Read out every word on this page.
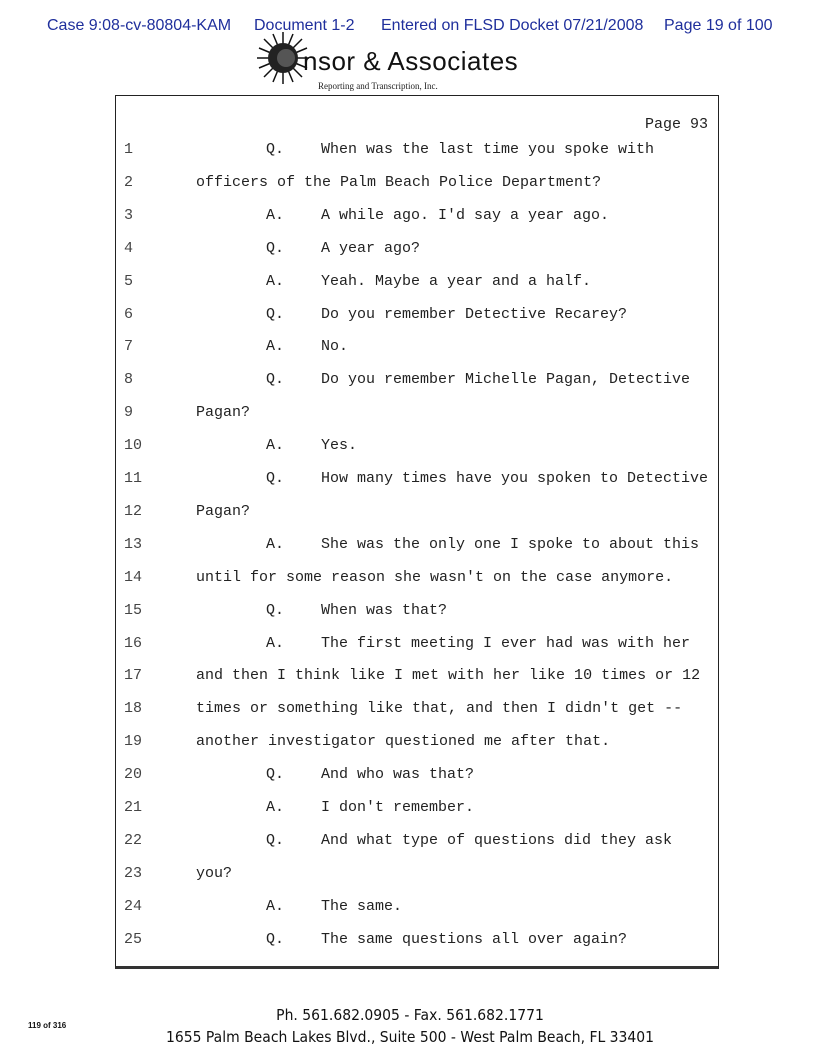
Case 9:08-cv-80804-KAM Document 1-2 Entered on FLSD Docket 07/21/2008 Page 19 of 100
nsor & Associates
Reporting and Transcription, Inc.
Page 93
1	Q. When was the last time you spoke with
2	officers of the Palm Beach Police Department?
3	A. A while ago. I'd say a year ago.
4	Q. A year ago?
5	A. Yeah. Maybe a year and a half.
6	Q. Do you remember Detective Recarey?
7	A. No.
8	Q. Do you remember Michelle Pagan, Detective
9	Pagan?
10	A. Yes.
11	Q. How many times have you spoken to Detective
12	Pagan?
13	A. She was the only one I spoke to about this
14	until for some reason she wasn't on the case anymore.
15	Q. When was that?
16	A. The first meeting I ever had was with her
17	and then I think like I met with her like 10 times or 12
18	times or something like that, and then I didn't get --
19	another investigator questioned me after that.
20	Q. And who was that?
21	A. I don't remember.
22	Q. And what type of questions did they ask
23	you?
24	A. The same.
25	Q. The same questions all over again?
Ph. 561.682.0905 - Fax. 561.682.1771
1655 Palm Beach Lakes Blvd., Suite 500 - West Palm Beach, FL 33401
119 of 316
